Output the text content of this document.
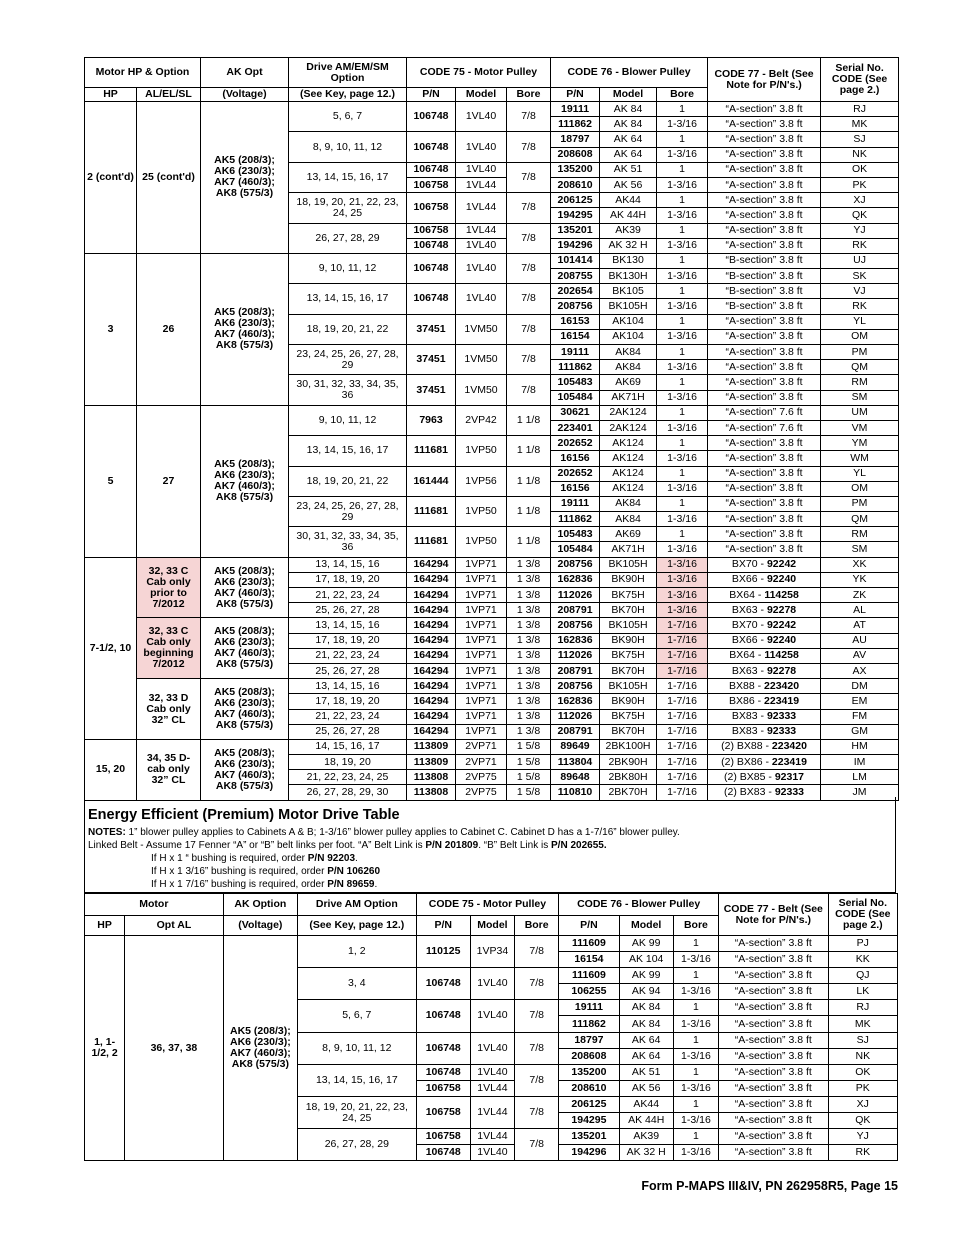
Motor HP & Option		AK Opt	Drive AM/EM/SM Option	CODE 75 - Motor Pulley			CODE 76 - Blower Pulley			CODE 77 - Belt (See Note for P/N's.)	Serial No. CODE (See page 2.)
HP	AL/EL/SL	(Voltage)	(See Key, page 12.)	P/N	Model	Bore	P/N	Model	Bore		
2 (cont'd)	25 (cont'd)	AK5 (208/3); AK6 (230/3); AK7 (460/3); AK8 (575/3)	5, 6, 7	106748	1VL40	7/8	19111	AK 84	1	“A-section” 3.8 ft	RJ
							111862	AK 84	1-3/16	“A-section” 3.8 ft	MK
			8, 9, 10, 11, 12	106748	1VL40	7/8	18797	AK 64	1	“A-section” 3.8 ft	SJ
							208608	AK 64	1-3/16	“A-section” 3.8 ft	NK
			13, 14, 15, 16, 17	106748	1VL40	7/8	135200	AK 51	1	“A-section” 3.8 ft	OK
				106758	1VL44		208610	AK 56	1-3/16	“A-section” 3.8 ft	PK
			18, 19, 20, 21, 22, 23, 24, 25	106758	1VL44	7/8	206125	AK44	1	“A-section” 3.8 ft	XJ
							194295	AK 44H	1-3/16	“A-section” 3.8 ft	QK
			26, 27, 28, 29	106758	1VL44	7/8	135201	AK39	1	“A-section” 3.8 ft	YJ
				106748	1VL40		194296	AK 32 H	1-3/16	“A-section” 3.8 ft	RK
3	26	AK5 (208/3); AK6 (230/3); AK7 (460/3); AK8 (575/3)	9, 10, 11, 12	106748	1VL40	7/8	101414	BK130	1	“B-section” 3.8 ft	UJ
							208755	BK130H	1-3/16	“B-section” 3.8 ft	SK
			13, 14, 15, 16, 17	106748	1VL40	7/8	202654	BK105	1	“B-section” 3.8 ft	VJ
							208756	BK105H	1-3/16	“B-section” 3.8 ft	RK
			18, 19, 20, 21, 22	37451	1VM50	7/8	16153	AK104	1	“A-section” 3.8 ft	YL
							16154	AK104	1-3/16	“A-section” 3.8 ft	OM
			23, 24, 25, 26, 27, 28, 29	37451	1VM50	7/8	19111	AK84	1	“A-section” 3.8 ft	PM
							111862	AK84	1-3/16	“A-section” 3.8 ft	QM
			30, 31, 32, 33, 34, 35, 36	37451	1VM50	7/8	105483	AK69	1	“A-section” 3.8 ft	RM
							105484	AK71H	1-3/16	“A-section” 3.8 ft	SM
5	27	AK5 (208/3); AK6 (230/3); AK7 (460/3); AK8 (575/3)	9, 10, 11, 12	7963	2VP42	1 1/8	30621	2AK124	1	“A-section” 7.6 ft	UM
							223401	2AK124	1-3/16	“A-section” 7.6 ft	VM
			13, 14, 15, 16, 17	111681	1VP50	1 1/8	202652	AK124	1	“A-section” 3.8 ft	YM
							16156	AK124	1-3/16	“A-section” 3.8 ft	WM
			18, 19, 20, 21, 22	161444	1VP56	1 1/8	202652	AK124	1	“A-section” 3.8 ft	YL
							16156	AK124	1-3/16	“A-section” 3.8 ft	OM
			23, 24, 25, 26, 27, 28, 29	111681	1VP50	1 1/8	19111	AK84	1	“A-section” 3.8 ft	PM
							111862	AK84	1-3/16	“A-section” 3.8 ft	QM
			30, 31, 32, 33, 34, 35, 36	111681	1VP50	1 1/8	105483	AK69	1	“A-section” 3.8 ft	RM
							105484	AK71H	1-3/16	“A-section” 3.8 ft	SM
7-1/2, 10	32, 33 C Cab only prior to 7/2012	AK5 (208/3); AK6 (230/3); AK7 (460/3); AK8 (575/3)	13, 14, 15, 16	164294	1VP71	1 3/8	208756	BK105H	1-3/16	BX70 - 92242	XK
			17, 18, 19, 20	164294	1VP71	1 3/8	162836	BK90H	1-3/16	BX66 - 92240	YK
			21, 22, 23, 24	164294	1VP71	1 3/8	112026	BK75H	1-3/16	BX64 - 114258	ZK
			25, 26, 27, 28	164294	1VP71	1 3/8	208791	BK70H	1-3/16	BX63 - 92278	AL
	32, 33 C Cab only beginning 7/2012	AK5 (208/3); AK6 (230/3); AK7 (460/3); AK8 (575/3)	13, 14, 15, 16	164294	1VP71	1 3/8	208756	BK105H	1-7/16	BX70 - 92242	AT
			17, 18, 19, 20	164294	1VP71	1 3/8	162836	BK90H	1-7/16	BX66 - 92240	AU
			21, 22, 23, 24	164294	1VP71	1 3/8	112026	BK75H	1-7/16	BX64 - 114258	AV
			25, 26, 27, 28	164294	1VP71	1 3/8	208791	BK70H	1-7/16	BX63 - 92278	AX
	32, 33 D Cab only 32” CL	AK5 (208/3); AK6 (230/3); AK7 (460/3); AK8 (575/3)	13, 14, 15, 16	164294	1VP71	1 3/8	208756	BK105H	1-7/16	BX88 - 223420	DM
			17, 18, 19, 20	164294	1VP71	1 3/8	162836	BK90H	1-7/16	BX86 - 223419	EM
			21, 22, 23, 24	164294	1VP71	1 3/8	112026	BK75H	1-7/16	BX83 - 92333	FM
			25, 26, 27, 28	164294	1VP71	1 3/8	208791	BK70H	1-7/16	BX83 - 92333	GM
15, 20	34, 35 D-cab only 32” CL	AK5 (208/3); AK6 (230/3); AK7 (460/3); AK8 (575/3)	14, 15, 16, 17	113809	2VP71	1 5/8	89649	2BK100H	1-7/16	(2) BX88 - 223420	HM
			18, 19, 20	113809	2VP71	1 5/8	113804	2BK90H	1-7/16	(2) BX86 - 223419	IM
			21, 22, 23, 24, 25	113808	2VP75	1 5/8	89648	2BK80H	1-7/16	(2) BX85 - 92317	LM
			26, 27, 28, 29, 30	113808	2VP75	1 5/8	110810	2BK70H	1-7/16	(2) BX83 - 92333	JM
Energy Efficient (Premium) Motor Drive Table

NOTES: 1” blower pulley applies to Cabinets A & B; 1-3/16” blower pulley applies to Cabinet C. Cabinet D has a 1-7/16” blower pulley.

Linked Belt - Assume 17 Fenner “A” or “B” belt links per foot. “A” Belt Link is P/N 201809. “B” Belt Link is P/N 202655.

If H x 1 “ bushing is required, order P/N 92203.

If H x 1 3/16” bushing is required, order P/N 106260

If H x 1 7/16” bushing is required, order P/N 89659.

Motor		AK Option	Drive AM Option	CODE 75 - Motor Pulley			CODE 76 - Blower Pulley			CODE 77 - Belt (See Note for P/N's.)	Serial No. CODE (See page 2.)
HP	Opt AL	(Voltage)	(See Key, page 12.)	P/N	Model	Bore	P/N	Model	Bore		
1, 1-1/2, 2	36, 37, 38	AK5 (208/3); AK6 (230/3); AK7 (460/3); AK8 (575/3)	1, 2	110125	1VP34	7/8	111609	AK 99	1	“A-section” 3.8 ft	PJ
							16154	AK 104	1-3/16	“A-section” 3.8 ft	KK
			3, 4	106748	1VL40	7/8	111609	AK 99	1	“A-section” 3.8 ft	QJ
							106255	AK 94	1-3/16	“A-section” 3.8 ft	LK
			5, 6, 7	106748	1VL40	7/8	19111	AK 84	1	“A-section” 3.8 ft	RJ
							111862	AK 84	1-3/16	“A-section” 3.8 ft	MK
			8, 9, 10, 11, 12	106748	1VL40	7/8	18797	AK 64	1	“A-section” 3.8 ft	SJ
							208608	AK 64	1-3/16	“A-section” 3.8 ft	NK
			13, 14, 15, 16, 17	106748	1VL40	7/8	135200	AK 51	1	“A-section” 3.8 ft	OK
				106758	1VL44		208610	AK 56	1-3/16	“A-section” 3.8 ft	PK
			18, 19, 20, 21, 22, 23, 24, 25	106758	1VL44	7/8	206125	AK44	1	“A-section” 3.8 ft	XJ
							194295	AK 44H	1-3/16	“A-section” 3.8 ft	QK
			26, 27, 28, 29	106758	1VL44	7/8	135201	AK39	1	“A-section” 3.8 ft	YJ
				106748	1VL40		194296	AK 32 H	1-3/16	“A-section” 3.8 ft	RK
Form P-MAPS III&IV, PN 262958R5, Page 15
